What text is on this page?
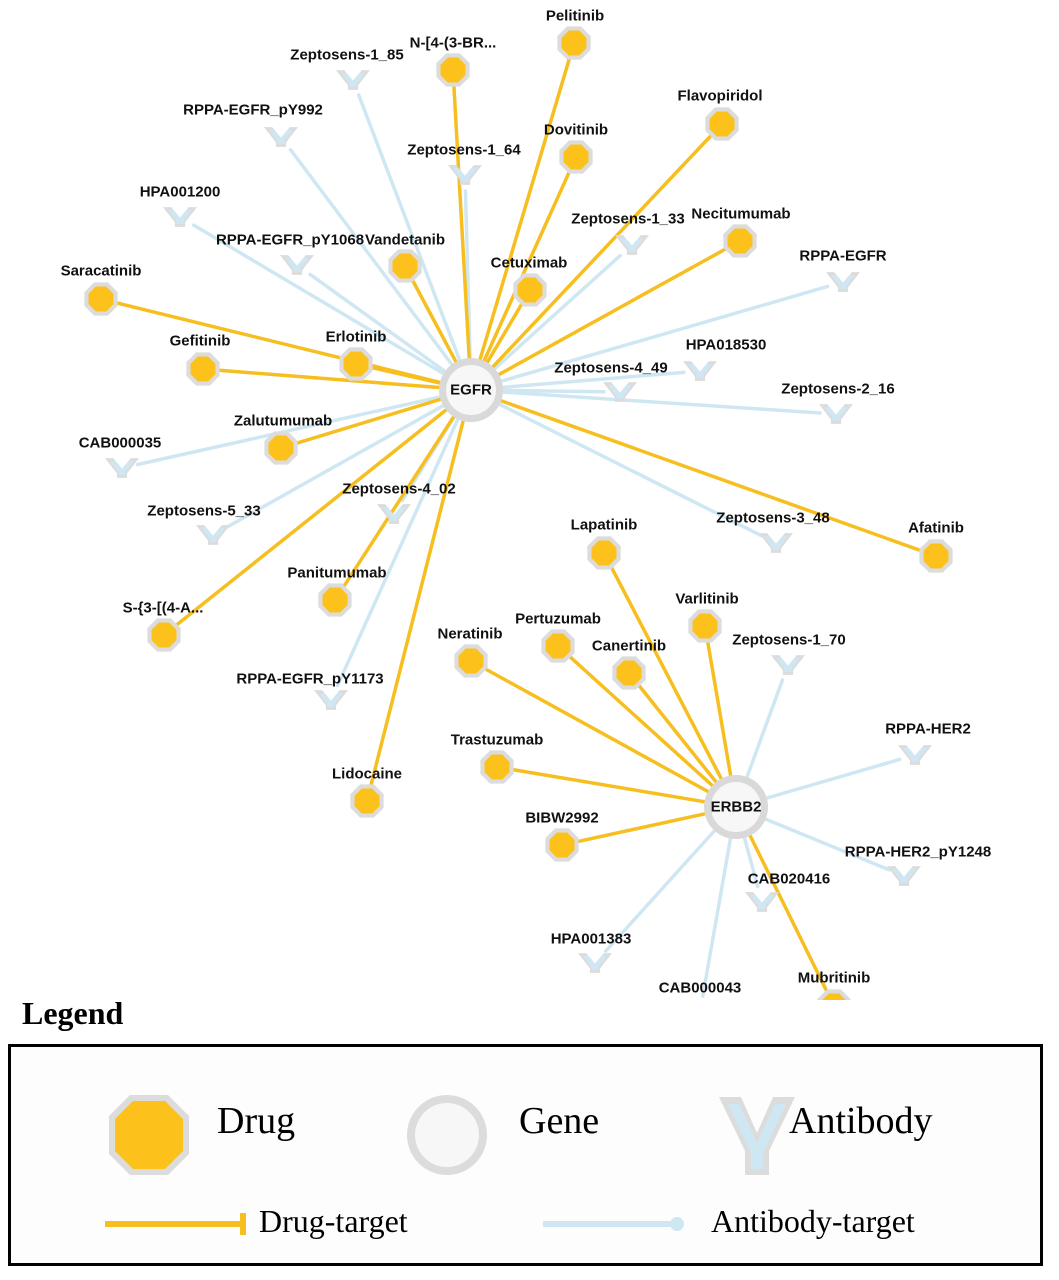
Pelitinib
N-[4-(3-BR...
Flavopiridol
Dovitinib
Necitumumab
Vandetanib
Cetuximab
Saracatinib
Gefitinib	Erlotinib
Zalutumumab
Afatinib
Lapatinib
Varlitinib
Panitumumab
S-{3-[(4-A...
Pertuzumab
Neratinib
Canertinib
Trastuzumab
Lidocaine
BIBW2992
Mubritinib
Zeptosens-1_85
RPPA-EGFR_pY992
Zeptosens-1_64
HPA001200
Zeptosens-1_33
RPPA-EGFR_pY1068
RPPA-EGFR
HPA018530
Zeptosens-4_49
Zeptosens-2_16
CAB000035
Zeptosens-5_33
Zeptosens-4_02
Zeptosens-3_48
Zeptosens-1_70
RPPA-EGFR_pY1173
RPPA-HER2
RPPA-HER2_pY1248
CAB020416
HPA001383
CAB000043
EGFR
ERBB2
Legend
Drug	Gene	Antibody
Drug-target	Antibody-target
